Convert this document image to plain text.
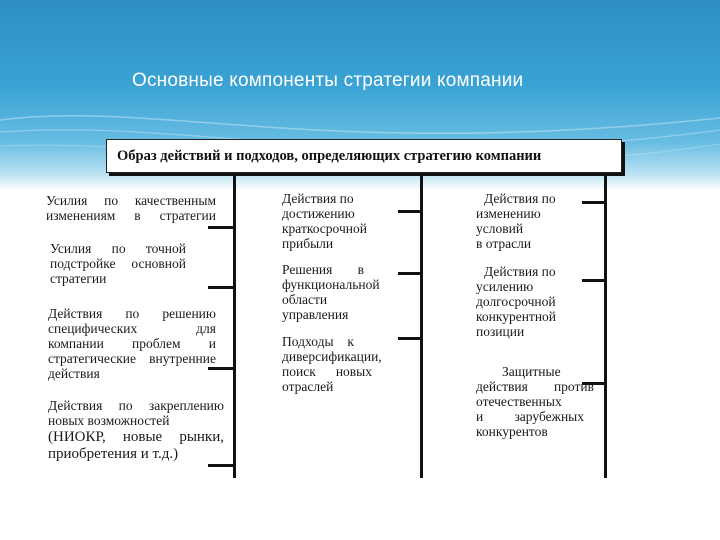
Основные компоненты стратегии компании
Образ действий и подходов, определяющих стратегию компании
Усилия по качественным
изменениям в стратегии
Усилия по точной
подстройке основной
стратегии
Действия по решению
специфических для
компании проблем и
стратегические внутренние
действия
Действия по закреплению
новых возможностей
(НИОКР, новые рынки,
приобретения и т.д.)
Действия по
достижению
краткосрочной
прибыли
Решения в
функциональной
области
управления
Подходы к
диверсификации,
поиск новых
отраслей
Действия по
изменению
условий
в отрасли
Действия по
усилению
долгосрочной
конкурентной
позиции
Защитные
действия против
отечественных
и зарубежных
конкурентов
